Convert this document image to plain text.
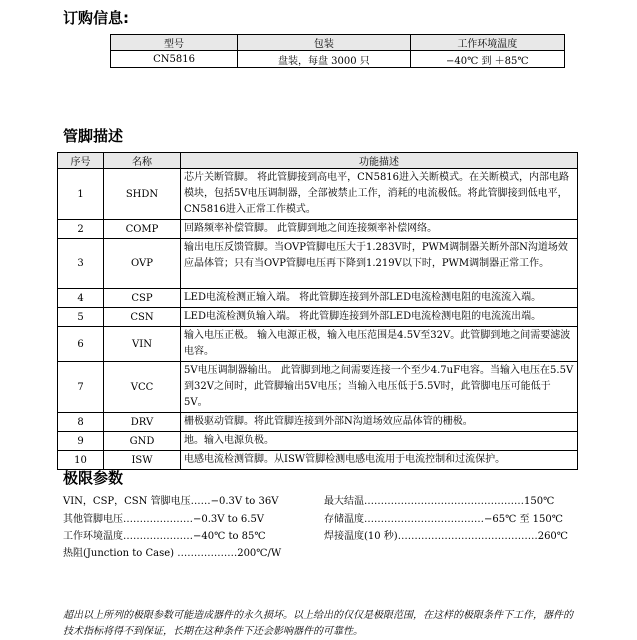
订购信息:
型号	包装	工作环境温度
CN5816	盘装，每盘 3000 只	−40℃ 到 ＋85℃
管脚描述
序号	名称	功能描述
1	SHDN	芯片关断管脚。 将此管脚接到高电平，CN5816进入关断模式。在关断模式，内部电路模块，包括5V电压调制器，全部被禁止工作，消耗的电流极低。将此管脚接到低电平，CN5816进入正常工作模式。
2	COMP	回路频率补偿管脚。 此管脚到地之间连接频率补偿网络。
3	OVP	输出电压反馈管脚。当OVP管脚电压大于1.283V时，PWM调制器关断外部N沟道场效应晶体管；只有当OVP管脚电压再下降到1.219V以下时，PWM调制器正常工作。
4	CSP	LED电流检测正输入端。 将此管脚连接到外部LED电流检测电阻的电流流入端。
5	CSN	LED电流检测负输入端。 将此管脚连接到外部LED电流检测电阻的电流流出端。
6	VIN	输入电压正极。 输入电源正极，输入电压范围是4.5V至32V。此管脚到地之间需要滤波电容。
7	VCC	5V电压调制器输出。 此管脚到地之间需要连接一个至少4.7uF电容。当输入电压在5.5V到32V之间时，此管脚输出5V电压；当输入电压低于5.5V时，此管脚电压可能低于5V。
8	DRV	栅极驱动管脚。将此管脚连接到外部N沟道场效应晶体管的栅极。
9	GND	地。输入电源负极。
10	ISW	电感电流检测管脚。从ISW管脚检测电感电流用于电流控制和过流保护。
极限参数
VIN，CSP，CSN 管脚电压……−0.3V to 36V
其他管脚电压…………………−0.3V to 6.5V
工作环境温度…………………−40℃ to 85℃
热阻(Junction to Case) ………………200℃/W
最大结温…………………………………………150℃
存储温度………………………………−65℃ 至 150℃
焊接温度(10 秒)……………………………………260℃
超出以上所列的极限参数可能造成器件的永久损坏。以上给出的仅仅是极限范围，在这样的极限条件下工作，器件的技术指标将得不到保证，长期在这种条件下还会影响器件的可靠性。
